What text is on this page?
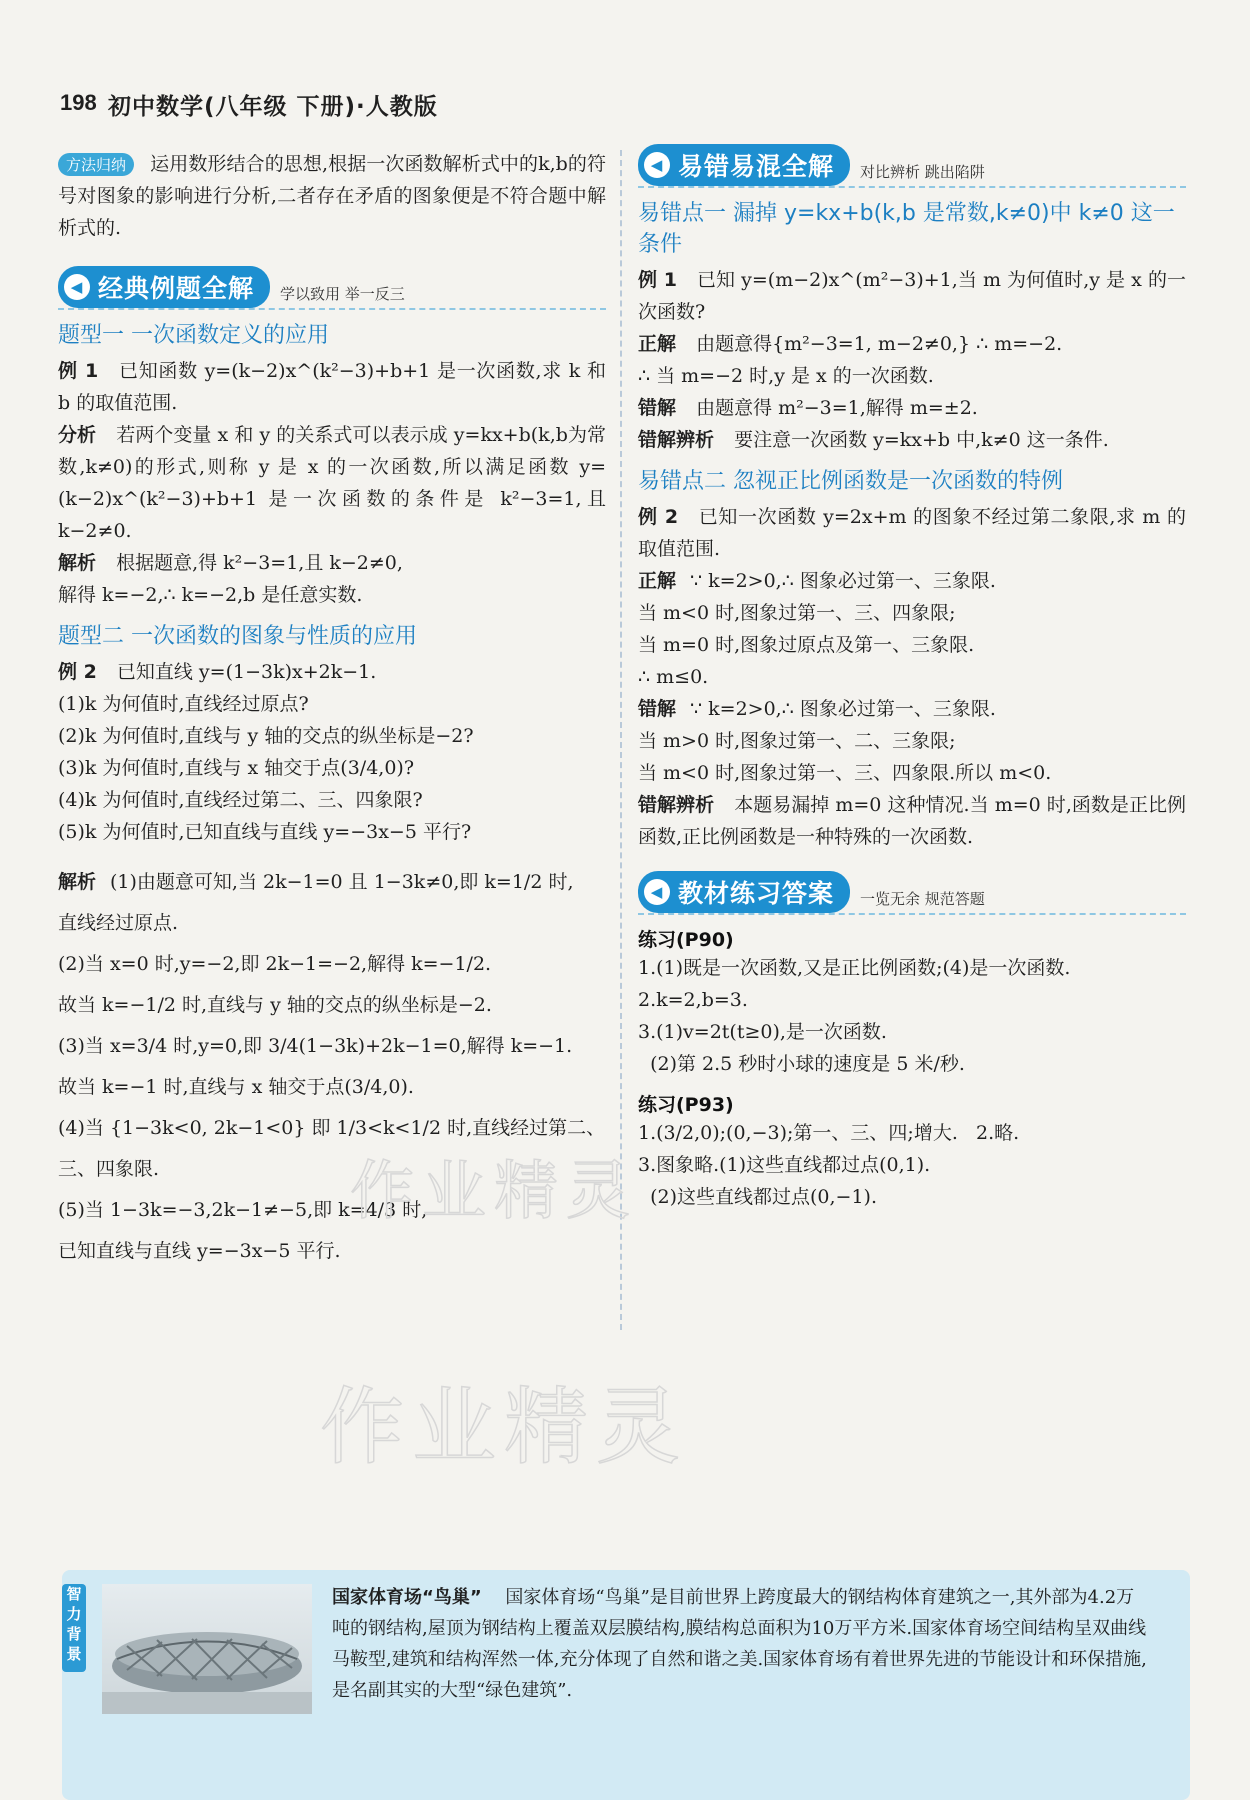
198 初中数学(八年级 下册)·人教版

方法归纳 运用数形结合的思想,根据一次函数解析式中的k,b的符号对图象的影响进行分析,二者存在矛盾的图象便是不符合题中解析式的.

◀ 经典例题全解 学以致用 举一反三
题型一 一次函数定义的应用

例 1 已知函数 y=(k−2)x^(k²−3)+b+1 是一次函数,求 k 和 b 的取值范围.

分析 若两个变量 x 和 y 的关系式可以表示成 y=kx+b(k,b为常数,k≠0)的形式,则称 y 是 x 的一次函数,所以满足函数 y=(k−2)x^(k²−3)+b+1 是一次函数的条件是 k²−3=1,且 k−2≠0.

解析 根据题意,得 k²−3=1,且 k−2≠0,
解得 k=−2,∴ k=−2,b 是任意实数.

题型二 一次函数的图象与性质的应用

例 2 已知直线 y=(1−3k)x+2k−1.

(1)k 为何值时,直线经过原点?

(2)k 为何值时,直线与 y 轴的交点的纵坐标是−2?

(3)k 为何值时,直线与 x 轴交于点(3/4,0)?

(4)k 为何值时,直线经过第二、三、四象限?

(5)k 为何值时,已知直线与直线 y=−3x−5 平行?

解析 (1)由题意可知,当 2k−1=0 且 1−3k≠0,即 k=1/2 时,
直线经过原点.
(2)当 x=0 时,y=−2,即 2k−1=−2,解得 k=−1/2.
故当 k=−1/2 时,直线与 y 轴的交点的纵坐标是−2.
(3)当 x=3/4 时,y=0,即 3/4(1−3k)+2k−1=0,解得 k=−1.
故当 k=−1 时,直线与 x 轴交于点(3/4,0).
(4)当 {1−3k<0, 2k−1<0} 即 1/3<k<1/2 时,直线经过第二、三、四象限.
(5)当 1−3k=−3,2k−1≠−5,即 k=4/3 时,
已知直线与直线 y=−3x−5 平行.
◀ 易错易混全解 对比辨析 跳出陷阱
易错点一 漏掉 y=kx+b(k,b 是常数,k≠0)中 k≠0 这一条件

例 1 已知 y=(m−2)x^(m²−3)+1,当 m 为何值时,y 是 x 的一次函数?

正解 由题意得{m²−3=1, m−2≠0,} ∴ m=−2.
∴ 当 m=−2 时,y 是 x 的一次函数.

错解 由题意得 m²−3=1,解得 m=±2.

错解辨析 要注意一次函数 y=kx+b 中,k≠0 这一条件.

易错点二 忽视正比例函数是一次函数的特例

例 2 已知一次函数 y=2x+m 的图象不经过第二象限,求 m 的取值范围.

正解 ∵ k=2>0,∴ 图象必过第一、三象限.
当 m<0 时,图象过第一、三、四象限;
当 m=0 时,图象过原点及第一、三象限.
∴ m≤0.
错解 ∵ k=2>0,∴ 图象必过第一、三象限.
当 m>0 时,图象过第一、二、三象限;
当 m<0 时,图象过第一、三、四象限.所以 m<0.

错解辨析 本题易漏掉 m=0 这种情况.当 m=0 时,函数是正比例函数,正比例函数是一种特殊的一次函数.

◀ 教材练习答案 一览无余 规范答题
练习(P90)
1.(1)既是一次函数,又是正比例函数;(4)是一次函数.
2.k=2,b=3.
3.(1)v=2t(t≥0),是一次函数.
(2)第 2.5 秒时小球的速度是 5 米/秒.
练习(P93)
1.(3/2,0);(0,−3);第一、三、四;增大.   2.略.
3.图象略.(1)这些直线都过点(0,1).
(2)这些直线都过点(0,−1).
作业精灵
作业精灵
智力背景
国家体育场“鸟巢” 国家体育场“鸟巢”是目前世界上跨度最大的钢结构体育建筑之一,其外部为4.2万吨的钢结构,屋顶为钢结构上覆盖双层膜结构,膜结构总面积为10万平方米.国家体育场空间结构呈双曲线马鞍型,建筑和结构浑然一体,充分体现了自然和谐之美.国家体育场有着世界先进的节能设计和环保措施,是名副其实的大型“绿色建筑”.
